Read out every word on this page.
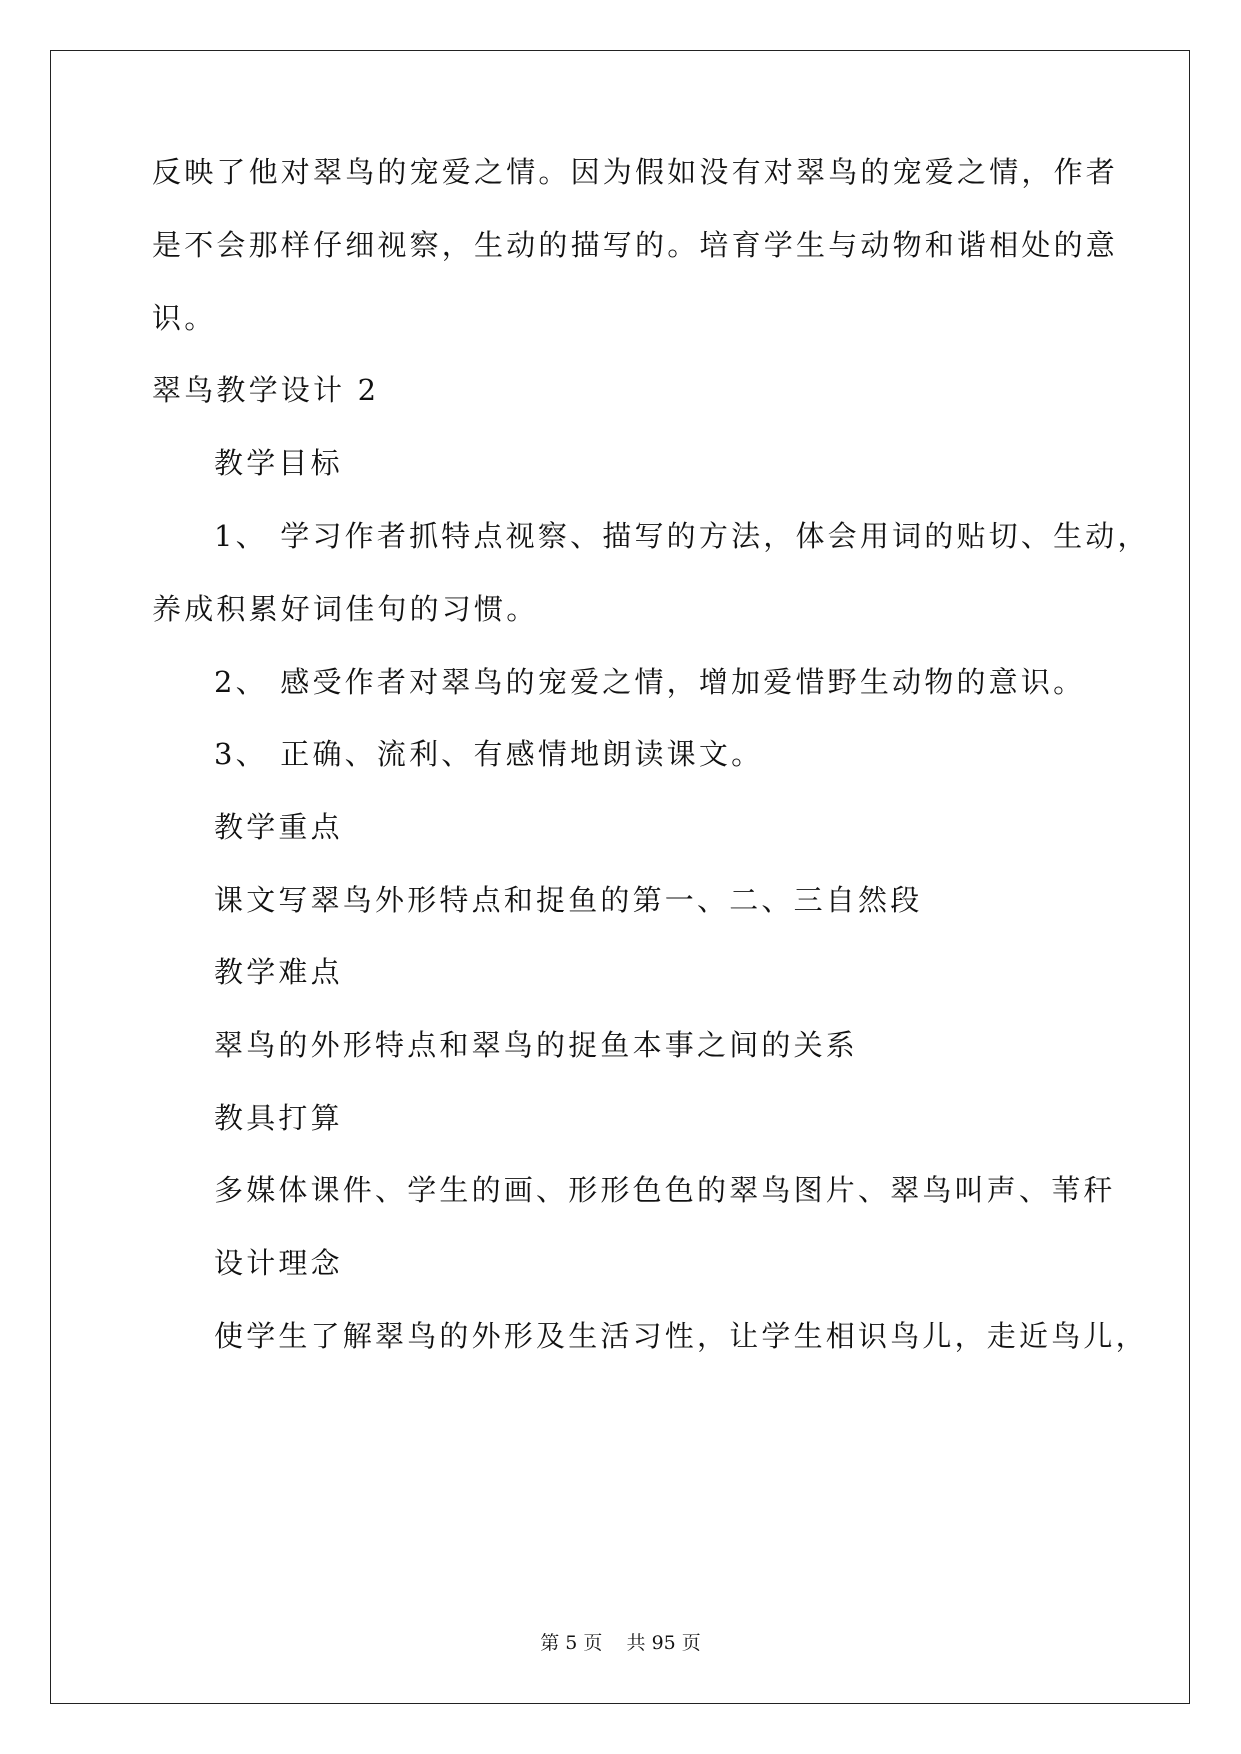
反映了他对翠鸟的宠爱之情。因为假如没有对翠鸟的宠爱之情，作者
是不会那样仔细视察，生动的描写的。培育学生与动物和谐相处的意
识。
翠鸟教学设计 2
教学目标
1、 学习作者抓特点视察、描写的方法，体会用词的贴切、生动，
养成积累好词佳句的习惯。
2、 感受作者对翠鸟的宠爱之情，增加爱惜野生动物的意识。
3、 正确、流利、有感情地朗读课文。
教学重点
课文写翠鸟外形特点和捉鱼的第一、二、三自然段
教学难点
翠鸟的外形特点和翠鸟的捉鱼本事之间的关系
教具打算
多媒体课件、学生的画、形形色色的翠鸟图片、翠鸟叫声、苇秆
设计理念
使学生了解翠鸟的外形及生活习性，让学生相识鸟儿，走近鸟儿，
第 5 页    共 95 页
